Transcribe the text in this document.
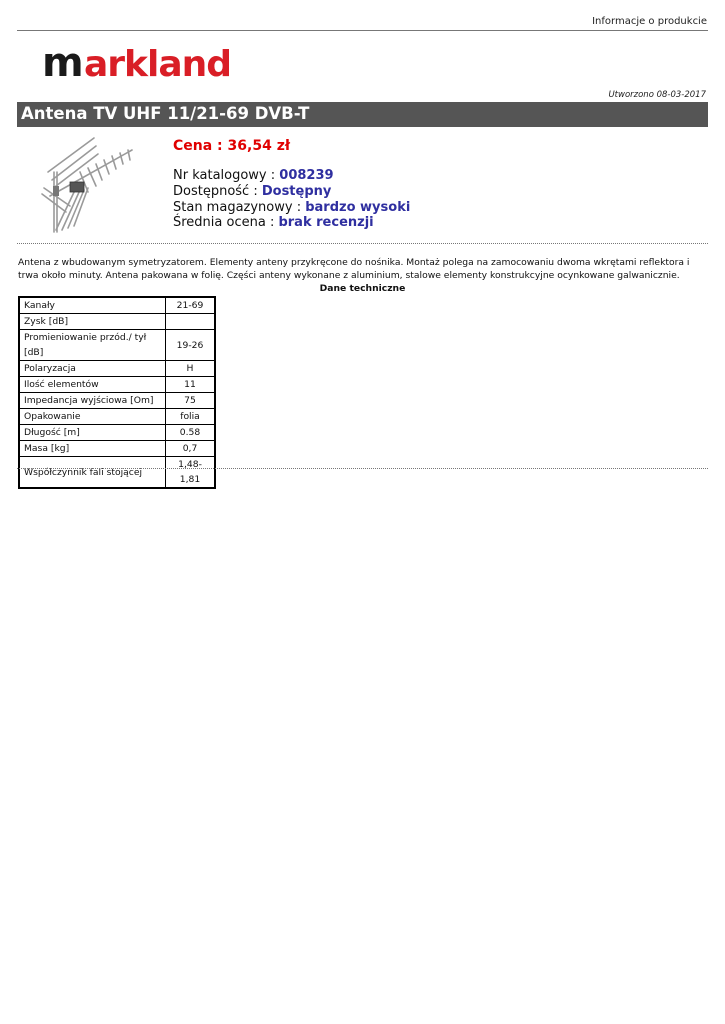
Informacje o produkcie
m arkland
Utworzono 08-03-2017
Antena TV UHF 11/21-69 DVB-T
Cena : 36,54 zł
Nr katalogowy : 008239
Dostępność : Dostępny
Stan magazynowy : bardzo wysoki
Średnia ocena : brak recenzji
Antena z wbudowanym symetryzatorem. Elementy anteny przykręcone do nośnika. Montaż polega na zamocowaniu dwoma wkrętami reflektora i trwa około minuty. Antena pakowana w folię. Części anteny wykonane z aluminium, stalowe elementy konstrukcyjne ocynkowane galwanicznie.
Dane techniczne
Kanały	21-69
Zysk [dB]	
Promieniowanie przód./ tył [dB]	19-26
Polaryzacja	H
Ilość elementów	11
Impedancja wyjściowa [Om]	75
Opakowanie	folia
Długość [m]	0.58
Masa [kg]	0,7
Współczynnik fali stojącej	1,48-1,81
